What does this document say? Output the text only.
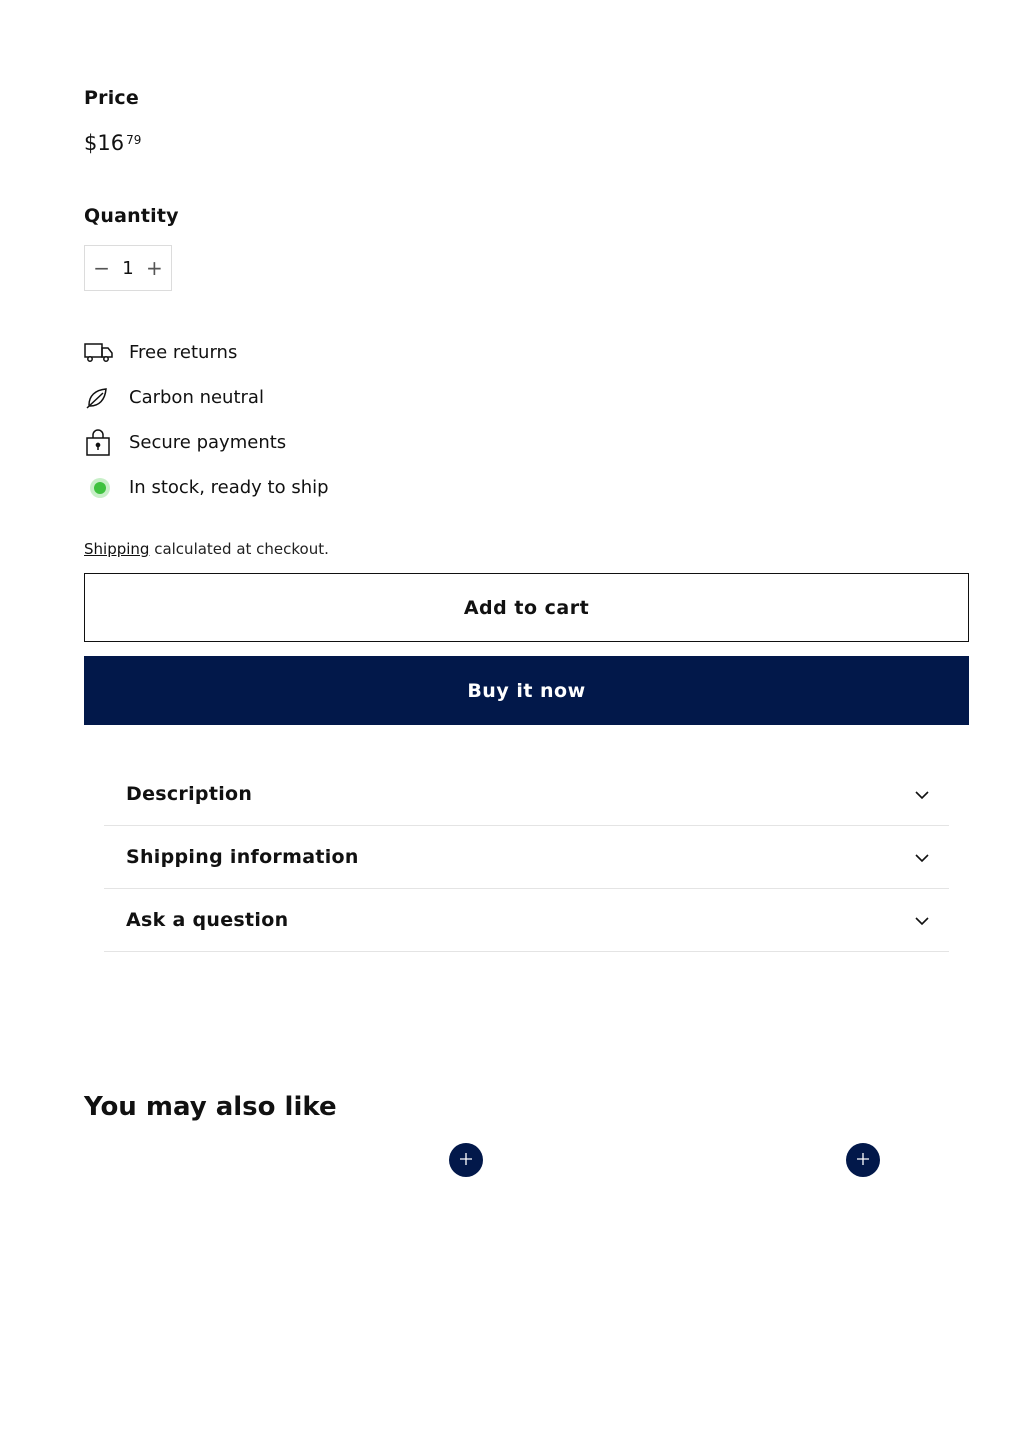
Price
$16 $^{79}$
Quantity
− 1 +
Free returns
Carbon neutral
Secure payments
In stock, ready to ship
Shipping calculated at checkout.
Add to cart
Buy it now
Description
Shipping information
Ask a question
You may also like
